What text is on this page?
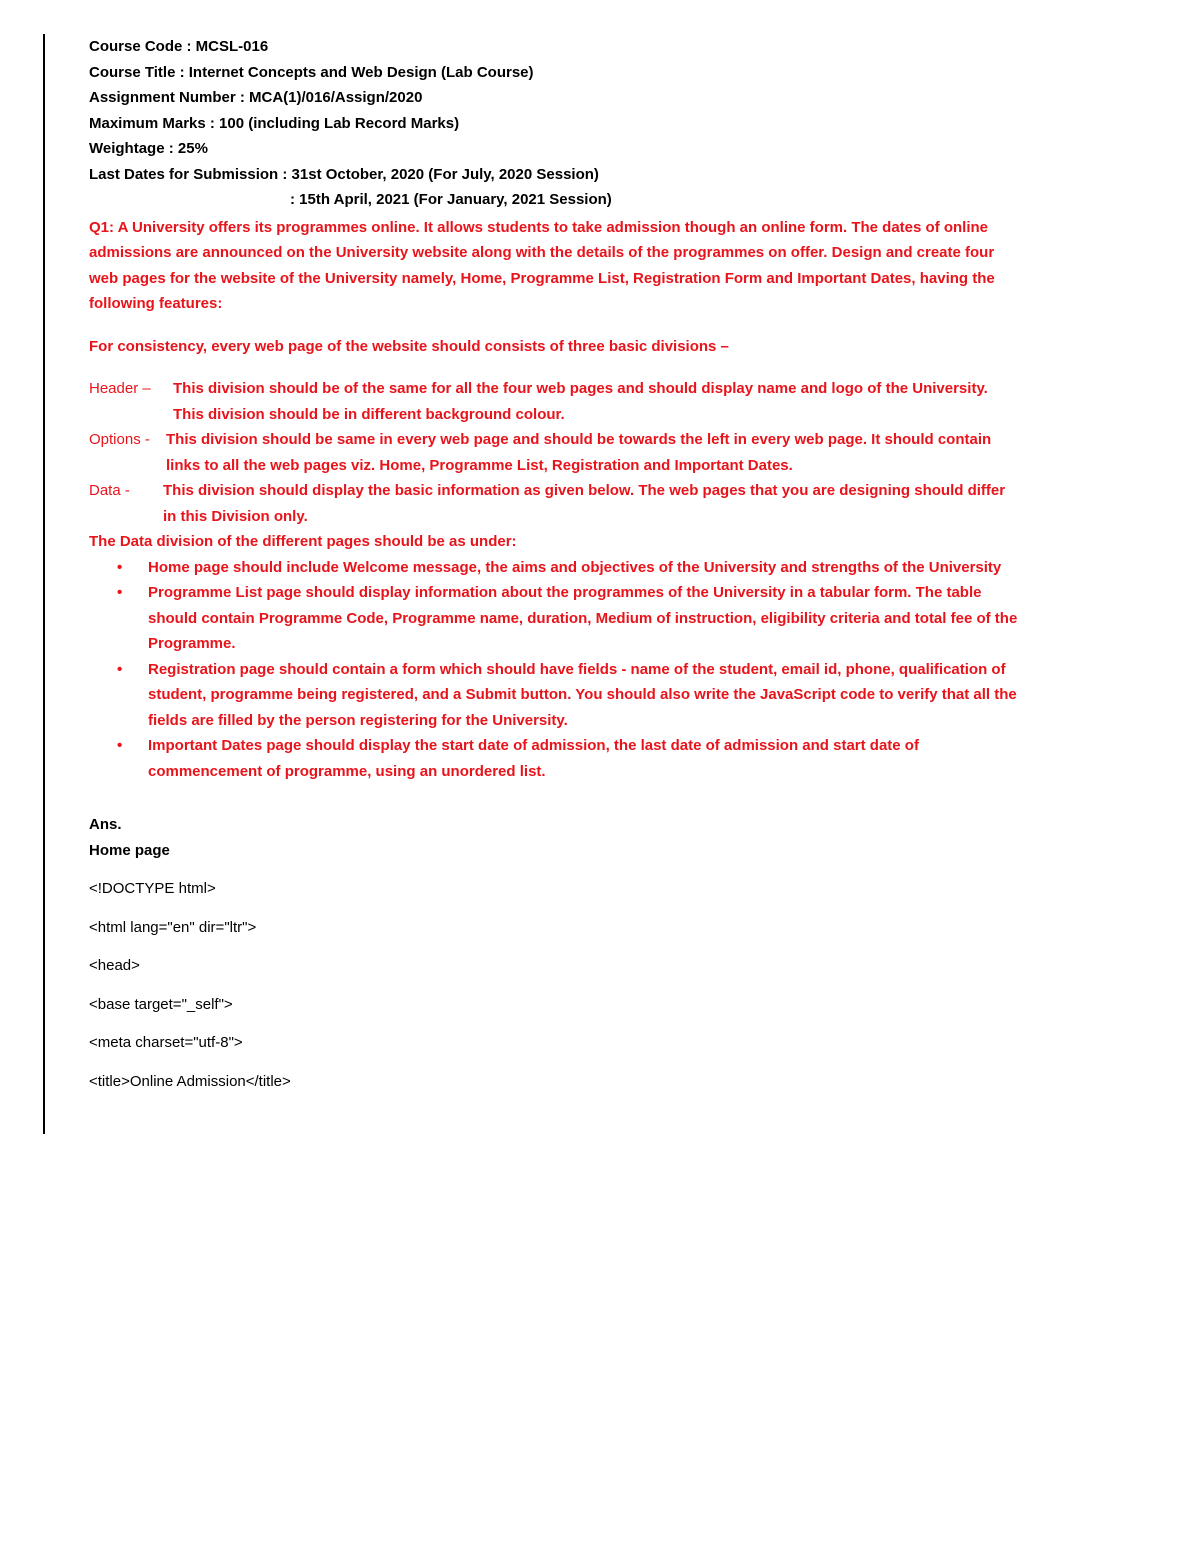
Course Code : MCSL-016
Course Title : Internet Concepts and Web Design (Lab Course)
Assignment Number : MCA(1)/016/Assign/2020
Maximum Marks : 100 (including Lab Record Marks)
Weightage : 25%
Last Dates for Submission : 31st October, 2020 (For July, 2020 Session)
: 15th April, 2021 (For January, 2021 Session)
Q1: A University offers its programmes online. It allows students to take admission though an online form. The dates of online admissions are announced on the University website along with the details of the programmes on offer. Design and create four web pages for the website of the University namely, Home, Programme List, Registration Form and Important Dates, having the following features:
For consistency, every web page of the website should consists of three basic divisions –
Header –	This division should be of the same for all the four web pages and should display name and logo of the University. This division should be in different background colour.
Options -	This division should be same in every web page and should be towards the left in every web page. It should contain links to all the web pages viz. Home, Programme List, Registration and Important Dates.
Data -	This division should display the basic information as given below. The web pages that you are designing should differ in this Division only.
The Data division of the different pages should be as under:
• Home page should include Welcome message, the aims and objectives of the University and strengths of the University
• Programme List page should display information about the programmes of the University in a tabular form. The table should contain Programme Code, Programme name, duration, Medium of instruction, eligibility criteria and total fee of the Programme.
• Registration page should contain a form which should have fields - name of the student, email id, phone, qualification of student, programme being registered, and a Submit button. You should also write the JavaScript code to verify that all the fields are filled by the person registering for the University.
• Important Dates page should display the start date of admission, the last date of admission and start date of commencement of programme, using an unordered list.
Ans.
Home page
<!DOCTYPE html>
<html lang="en" dir="ltr">
<head>
<base target="_self">
<meta charset="utf-8">
<title>Online Admission</title>
